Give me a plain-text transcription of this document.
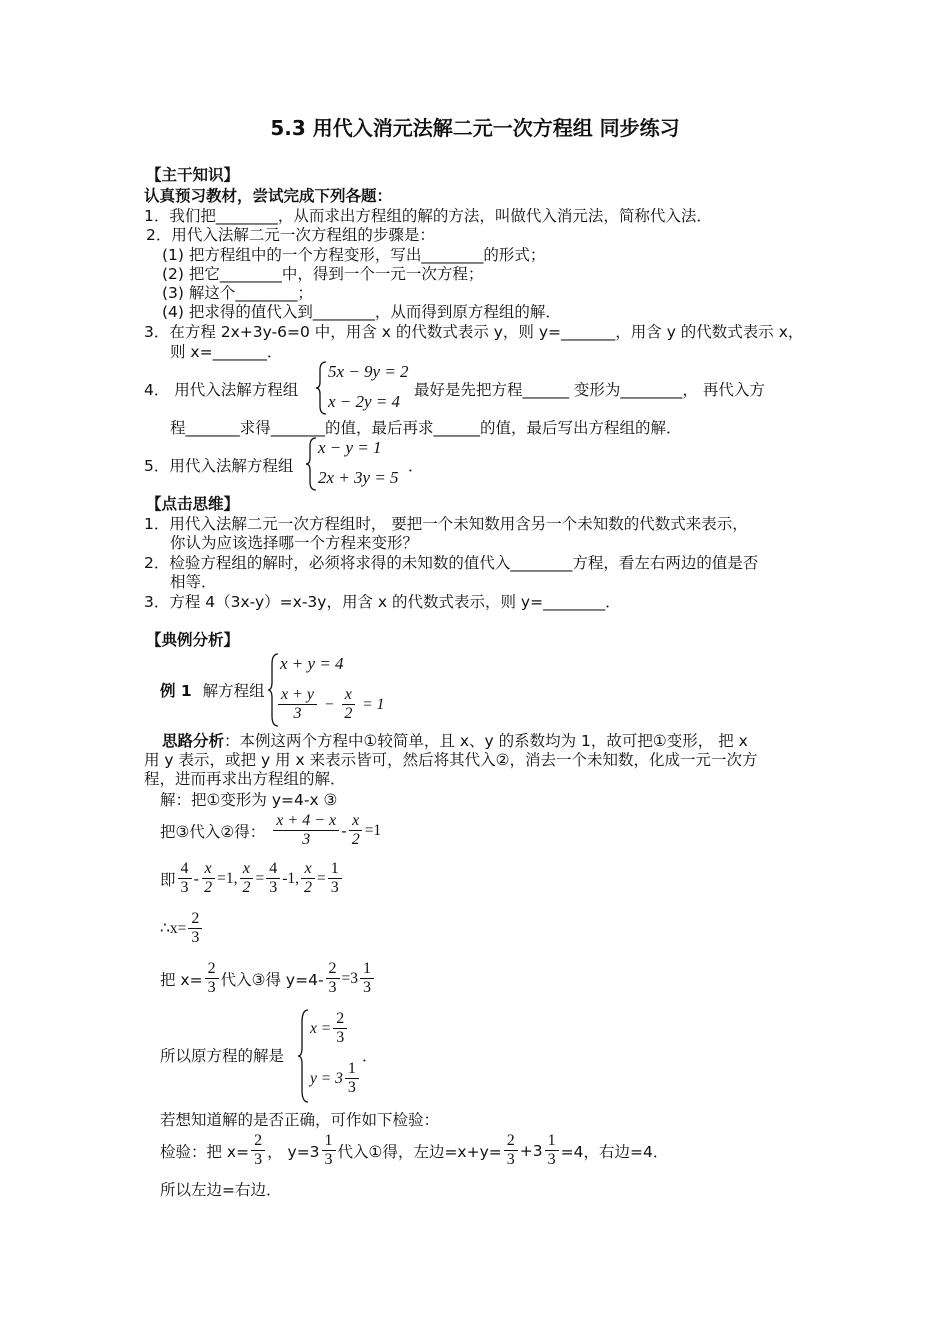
5.3 用代入消元法解二元一次方程组 同步练习
【主干知识】
认真预习教材，尝试完成下列各题：
1．我们把________，从而求出方程组的解的方法，叫做代入消元法，简称代入法．
2．用代入法解二元一次方程组的步骤是：
(1) 把方程组中的一个方程变形，写出________的形式；
(2) 把它________中，得到一个一元一次方程；
(3) 解这个________；
(4) 把求得的值代入到________，从而得到原方程组的解．
3．在方程 2x+3y-6=0 中，用含 x 的代数式表示 y，则 y=_______，用含 y 的代数式表示 x，
则 x=_______．
4． 用代入法解方程组
5x − 9y = 2
x − 2y = 4
最好是先把方程______ 变形为________， 再代入方
程_______求得_______的值，最后再求______的值，最后写出方程组的解．
5．用代入法解方程组
x − y = 1
2x + 3y = 5
．
【点击思维】
1．用代入法解二元一次方程组时， 要把一个未知数用含另一个未知数的代数式来表示，
你认为应该选择哪一个方程来变形？
2．检验方程组的解时，必须将求得的未知数的值代入________方程，看左右两边的值是否
相等．
3．方程 4（3x-y）=x-3y，用含 x 的代数式表示，则 y=________．
【典例分析】
例 1 解方程组
x + y = 4
$\frac{x + y}{3} - \frac{x}{2} = 1$
思路分析：本例这两个方程中①较简单，且 x、y 的系数均为 1，故可把①变形， 把 x
用 y 表示，或把 y 用 x 来表示皆可，然后将其代入②，消去一个未知数，化成一元一次方
程，进而再求出方程组的解．
解：把①变形为 y=4-x ③
把③代入②得： $\frac{x + 4 - x}{3} - \frac{x}{2} =1$
即 $\frac{4}{3} - \frac{x}{2} =1$, $\frac{x}{2} = \frac{4}{3} -1$, $\frac{x}{2} = \frac{1}{3}$
∴x= $\frac{2}{3}$
把 $x= \frac{2}{3}$ 代入③得 $y=4- \frac{2}{3} =3 \frac{1}{3}$
所以原方程的解是
$x = \frac{2}{3}$
$y = 3 \frac{1}{3}$
．
若想知道解的是否正确，可作如下检验：
检验：把 $x= \frac{2}{3}$ ， $y=3 \frac{1}{3}$ 代入①得，左边$=x+y= \frac{2}{3} +3 \frac{1}{3} =4$，右边=4．
所以左边=右边．
